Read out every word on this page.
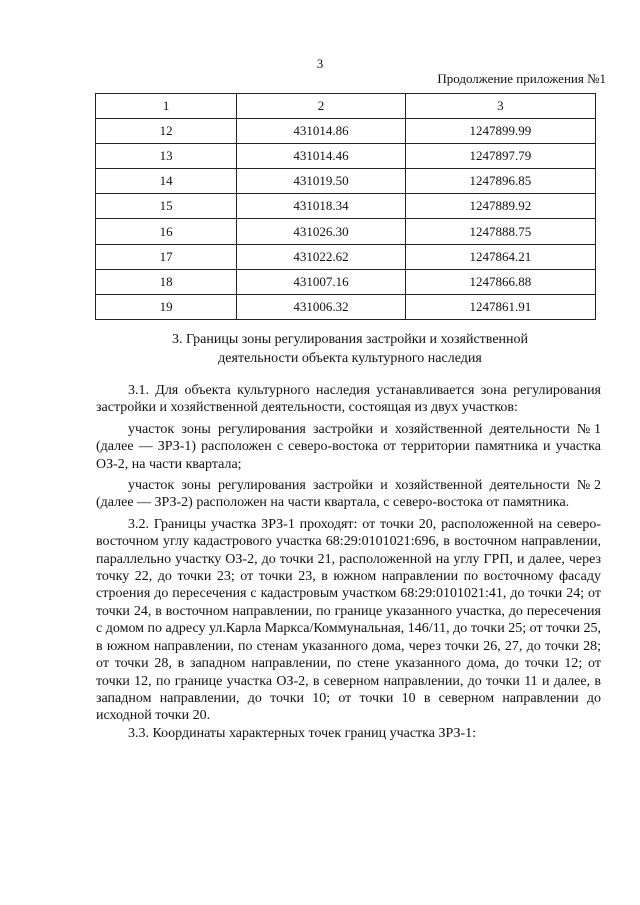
3
Продолжение приложения №1
1	2	3
12	431014.86	1247899.99
13	431014.46	1247897.79
14	431019.50	1247896.85
15	431018.34	1247889.92
16	431026.30	1247888.75
17	431022.62	1247864.21
18	431007.16	1247866.88
19	431006.32	1247861.91
3. Границы зоны регулирования застройки и хозяйственной
деятельности объекта культурного наследия

3.1. Для объекта культурного наследия устанавливается зона регулирования застройки и хозяйственной деятельности, состоящая из двух участков:

участок зоны регулирования застройки и хозяйственной деятельности №1 (далее — ЗРЗ-1) расположен с северо-востока от территории памятника и участка ОЗ-2, на части квартала;

участок зоны регулирования застройки и хозяйственной деятельности №2 (далее — ЗРЗ-2) расположен на части квартала, с северо-востока от памятника.

3.2. Границы участка ЗРЗ-1 проходят: от точки 20, расположенной на северо-восточном углу кадастрового участка 68:29:0101021:696, в восточном направлении, параллельно участку ОЗ-2, до точки 21, расположенной на углу ГРП, и далее, через точку 22, до точки 23; от точки 23, в южном направлении по восточному фасаду строения до пересечения с кадастровым участком 68:29:0101021:41, до точки 24; от точки 24, в восточном направлении, по границе указанного участка, до пересечения с домом по адресу ул.Карла Маркса/Коммунальная, 146/11, до точки 25; от точки 25, в южном направлении, по стенам указанного дома, через точки 26, 27, до точки 28; от точки 28, в западном направлении, по стене указанного дома, до точки 12; от точки 12, по границе участка ОЗ-2, в северном направлении, до точки 11 и далее, в западном направлении, до точки 10; от точки 10 в северном направлении до исходной точки 20.

3.3. Координаты характерных точек границ участка ЗРЗ-1:
